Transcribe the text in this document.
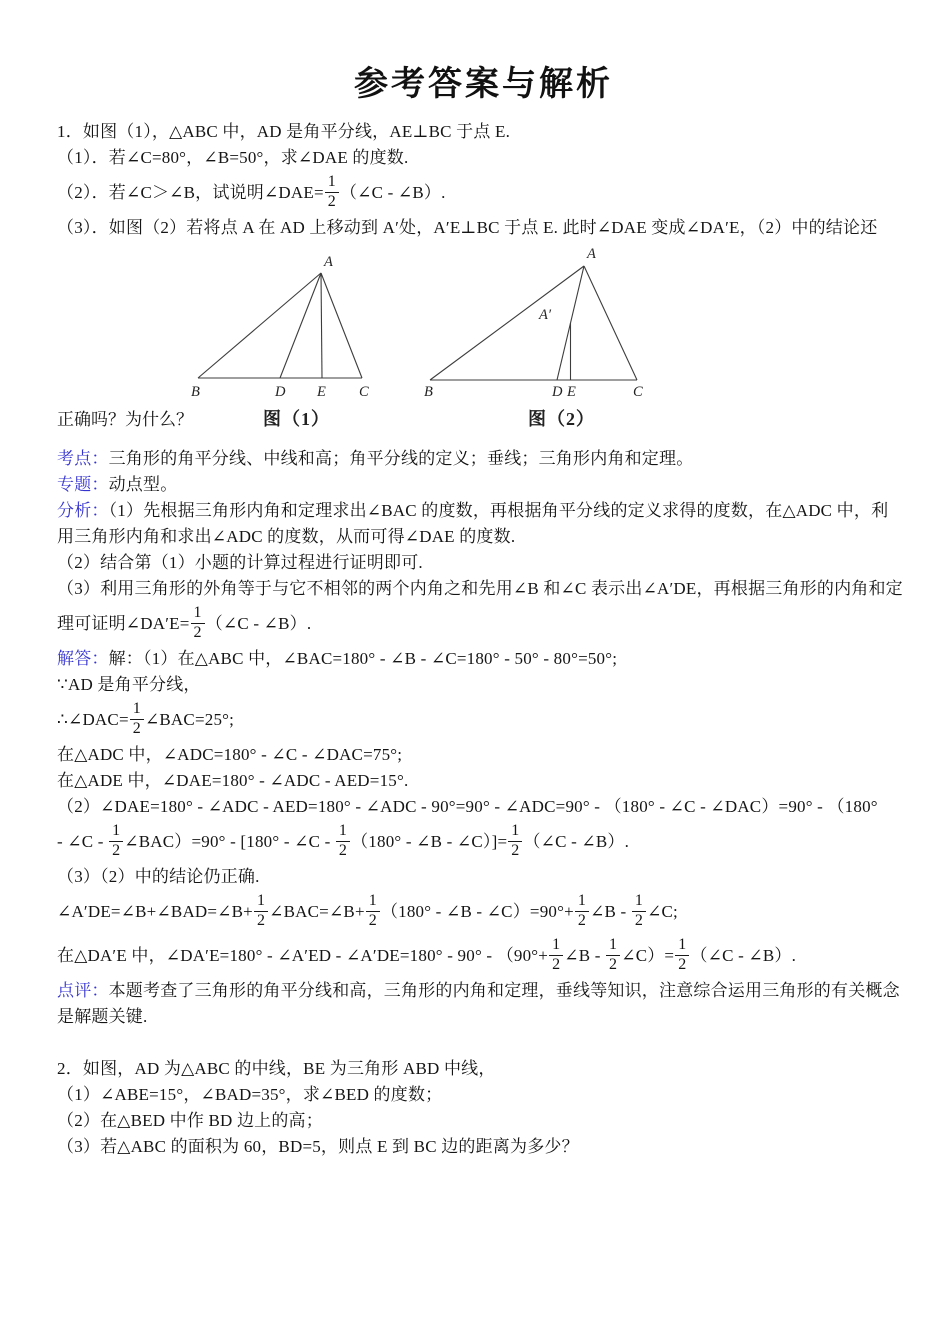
参考答案与解析
1．如图（1），△ABC 中，AD 是角平分线，AE⊥BC 于点 E.
（1）．若∠C=80°，∠B=50°，求∠DAE 的度数.
（2）．若∠C＞∠B，试说明∠DAE= $\frac{1}{2}$ （∠C - ∠B）.
（3）．如图（2）若将点 A 在 AD 上移动到 A′处，A′E⊥BC 于点 E. 此时∠DAE 变成∠DA′E，（2）中的结论还
A
B	D E C
A
A′
B	D E	C
正确吗？为什么？	图（1）	图（2）
考点：三角形的角平分线、中线和高；角平分线的定义；垂线；三角形内角和定理。
专题：动点型。
分析：（1）先根据三角形内角和定理求出∠BAC 的度数，再根据角平分线的定义求得的度数，在△ADC 中，利
用三角形内角和求出∠ADC 的度数，从而可得∠DAE 的度数.
（2）结合第（1）小题的计算过程进行证明即可.
（3）利用三角形的外角等于与它不相邻的两个内角之和先用∠B 和∠C 表示出∠A′DE，再根据三角形的内角和定
理可证明∠DA′E= $\frac{1}{2}$ （∠C - ∠B）.
解答：解：（1）在△ABC 中，∠BAC=180° - ∠B - ∠C=180° - 50° - 80°=50°;
∵AD 是角平分线，
∴∠DAC= $\frac{1}{2}$ ∠BAC=25°;
在△ADC 中，∠ADC=180° - ∠C - ∠DAC=75°;
在△ADE 中，∠DAE=180° - ∠ADC - AED=15°.
（2）∠DAE=180° - ∠ADC - AED=180° - ∠ADC - 90°=90° - ∠ADC=90° - （180° - ∠C - ∠DAC）=90° - （180°
- ∠C - $\frac{1}{2}$ ∠BAC）=90° - [180° - ∠C - $\frac{1}{2} (180^\circ$ - ∠B - ∠C）]= $\frac{1}{2}$ （∠C - ∠B）.
（3）（2）中的结论仍正确.
∠A′DE=∠B+∠BAD=∠B+ $\frac{1}{2}$ ∠BAC=∠B+ $\frac{1}{2} (180^\circ$ - ∠B - ∠C）=90°+ $\frac{1}{2}$ ∠B - $\frac{1}{2}$ ∠C;
在△DA′E 中，∠DA′E=180° - ∠A′ED - ∠A′DE=180° - $90^\circ - (90^\circ+ \frac{1}{2}$ ∠B - $\frac{1}{2}$ ∠C）= $\frac{1}{2}$ （∠C - ∠B）.
点评：本题考查了三角形的角平分线和高，三角形的内角和定理，垂线等知识，注意综合运用三角形的有关概念
是解题关键.
2．如图，AD 为△ABC 的中线，BE 为三角形 ABD 中线，
（1）∠ABE=15°，∠BAD=35°，求∠BED 的度数；
（2）在△BED 中作 BD 边上的高；
（3）若△ABC 的面积为 60，BD=5，则点 E 到 BC 边的距离为多少？
